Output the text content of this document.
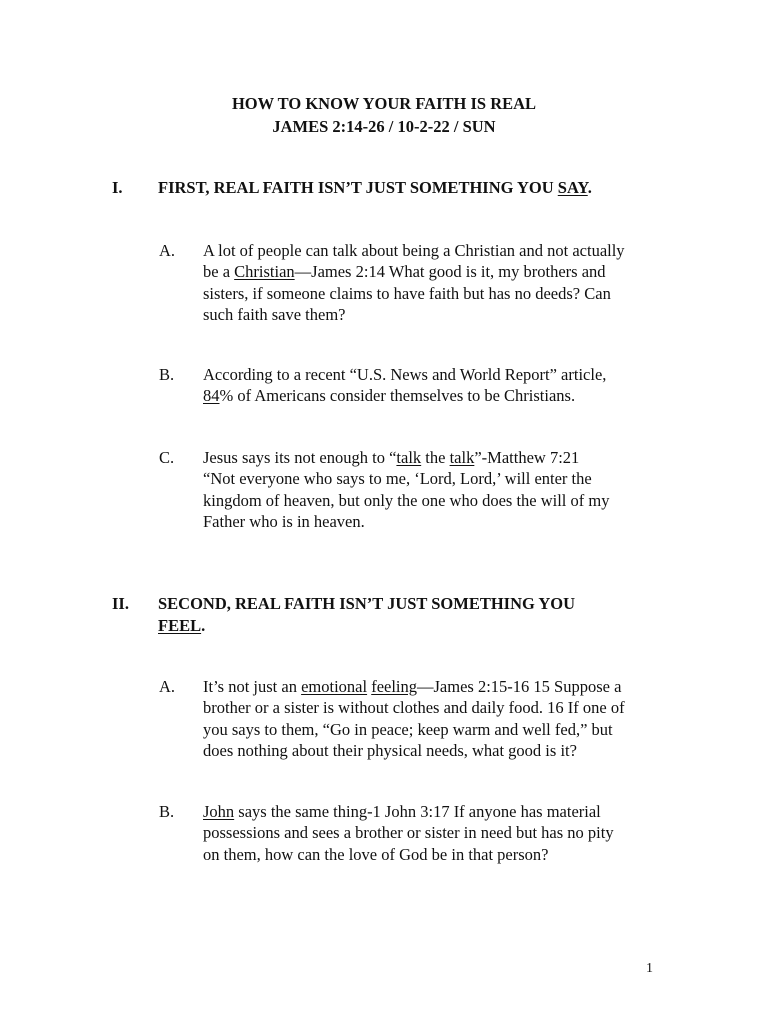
HOW TO KNOW YOUR FAITH IS REAL
JAMES 2:14-26 / 10-2-22 / SUN
I.	FIRST, REAL FAITH ISN’T JUST SOMETHING YOU SAY.
A.	A lot of people can talk about being a Christian and not actually
be a Christian—James 2:14 What good is it, my brothers and
sisters, if someone claims to have faith but has no deeds? Can
such faith save them?
B.	According to a recent “U.S. News and World Report” article,
84% of Americans consider themselves to be Christians.
C.	Jesus says its not enough to “talk the talk”-Matthew 7:21
“Not everyone who says to me, ‘Lord, Lord,’ will enter the
kingdom of heaven, but only the one who does the will of my
Father who is in heaven.
II.	SECOND, REAL FAITH ISN’T JUST SOMETHING YOU
FEEL.
A.	It’s not just an emotional feeling—James 2:15-16 15 Suppose a
brother or a sister is without clothes and daily food. 16 If one of
you says to them, “Go in peace; keep warm and well fed,” but
does nothing about their physical needs, what good is it?
B.	John says the same thing-1 John 3:17 If anyone has material
possessions and sees a brother or sister in need but has no pity
on them, how can the love of God be in that person?
1
